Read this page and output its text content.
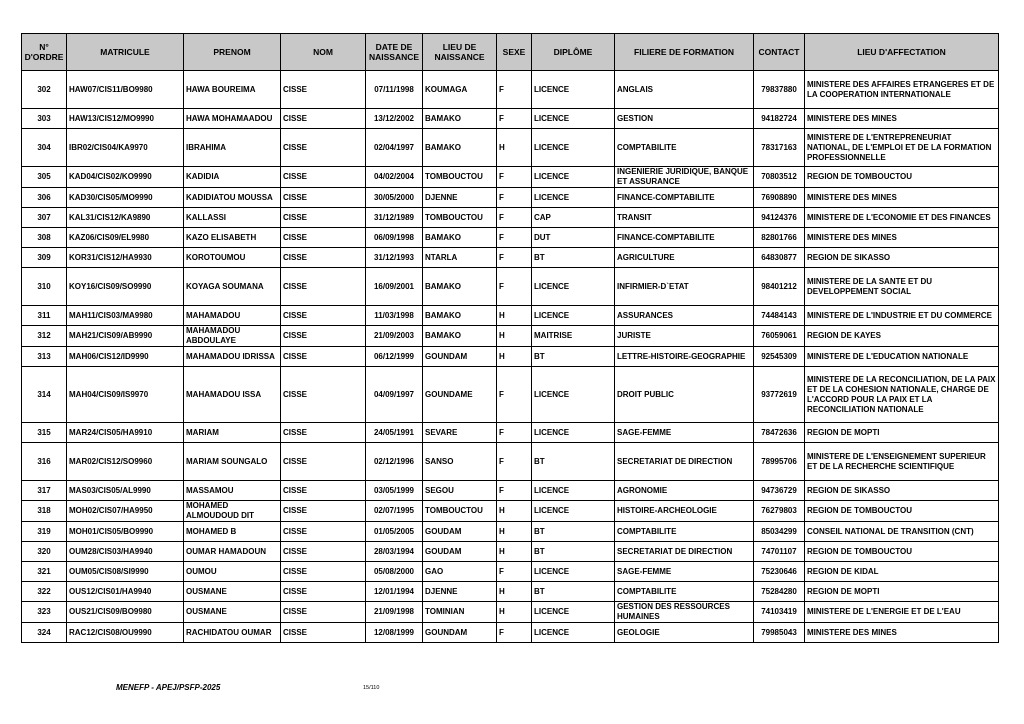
N° D'ORDRE	MATRICULE	PRENOM	NOM	DATE DE NAISSANCE	LIEU DE NAISSANCE	SEXE	DIPLÔME	FILIERE DE FORMATION	CONTACT	LIEU D'AFFECTATION
302	HAW07/CIS11/BO9980	HAWA BOUREIMA	CISSE	07/11/1998	KOUMAGA	F	LICENCE	ANGLAIS	79837880	MINISTERE DES AFFAIRES ETRANGERES ET DE LA COOPERATION INTERNATIONALE
303	HAW13/CIS12/MO9990	HAWA MOHAMAADOU	CISSE	13/12/2002	BAMAKO	F	LICENCE	GESTION	94182724	MINISTERE DES MINES
304	IBR02/CIS04/KA9970	IBRAHIMA	CISSE	02/04/1997	BAMAKO	H	LICENCE	COMPTABILITE	78317163	MINISTERE DE L'ENTREPRENEURIAT NATIONAL, DE L'EMPLOI ET DE LA FORMATION PROFESSIONNELLE
305	KAD04/CIS02/KO9990	KADIDIA	CISSE	04/02/2004	TOMBOUCTOU	F	LICENCE	INGENIERIE JURIDIQUE, BANQUE ET ASSURANCE	70803512	REGION DE TOMBOUCTOU
306	KAD30/CIS05/MO9990	KADIDIATOU MOUSSA	CISSE	30/05/2000	DJENNE	F	LICENCE	FINANCE-COMPTABILITE	76908890	MINISTERE DES MINES
307	KAL31/CIS12/KA9890	KALLASSI	CISSE	31/12/1989	TOMBOUCTOU	F	CAP	TRANSIT	94124376	MINISTERE DE L'ECONOMIE ET DES FINANCES
308	KAZ06/CIS09/EL9980	KAZO ELISABETH	CISSE	06/09/1998	BAMAKO	F	DUT	FINANCE-COMPTABILITE	82801766	MINISTERE DES MINES
309	KOR31/CIS12/HA9930	KOROTOUMOU	CISSE	31/12/1993	NTARLA	F	BT	AGRICULTURE	64830877	REGION DE SIKASSO
310	KOY16/CIS09/SO9990	KOYAGA SOUMANA	CISSE	16/09/2001	BAMAKO	F	LICENCE	INFIRMIER-D`ETAT	98401212	MINISTERE DE LA SANTE ET DU DEVELOPPEMENT SOCIAL
311	MAH11/CIS03/MA9980	MAHAMADOU	CISSE	11/03/1998	BAMAKO	H	LICENCE	ASSURANCES	74484143	MINISTERE DE L'INDUSTRIE ET DU COMMERCE
312	MAH21/CIS09/AB9990	MAHAMADOU ABDOULAYE	CISSE	21/09/2003	BAMAKO	H	MAITRISE	JURISTE	76059061	REGION DE KAYES
313	MAH06/CIS12/ID9990	MAHAMADOU IDRISSA	CISSE	06/12/1999	GOUNDAM	H	BT	LETTRE-HISTOIRE-GEOGRAPHIE	92545309	MINISTERE DE L'EDUCATION NATIONALE
314	MAH04/CIS09/IS9970	MAHAMADOU ISSA	CISSE	04/09/1997	GOUNDAME	F	LICENCE	DROIT PUBLIC	93772619	MINISTERE DE LA RECONCILIATION, DE LA PAIX ET DE LA COHESION NATIONALE, CHARGE DE L'ACCORD POUR LA PAIX ET LA RECONCILIATION NATIONALE
315	MAR24/CIS05/HA9910	MARIAM	CISSE	24/05/1991	SEVARE	F	LICENCE	SAGE-FEMME	78472636	REGION DE MOPTI
316	MAR02/CIS12/SO9960	MARIAM SOUNGALO	CISSE	02/12/1996	SANSO	F	BT	SECRETARIAT DE DIRECTION	78995706	MINISTERE DE L'ENSEIGNEMENT SUPERIEUR ET DE LA RECHERCHE SCIENTIFIQUE
317	MAS03/CIS05/AL9990	MASSAMOU	CISSE	03/05/1999	SEGOU	F	LICENCE	AGRONOMIE	94736729	REGION DE SIKASSO
318	MOH02/CIS07/HA9950	MOHAMED ALMOUDOUD DIT	CISSE	02/07/1995	TOMBOUCTOU	H	LICENCE	HISTOIRE-ARCHEOLOGIE	76279803	REGION DE TOMBOUCTOU
319	MOH01/CIS05/BO9990	MOHAMED B	CISSE	01/05/2005	GOUDAM	H	BT	COMPTABILITE	85034299	CONSEIL NATIONAL DE TRANSITION (CNT)
320	OUM28/CIS03/HA9940	OUMAR HAMADOUN	CISSE	28/03/1994	GOUDAM	H	BT	SECRETARIAT DE DIRECTION	74701107	REGION DE TOMBOUCTOU
321	OUM05/CIS08/SI9990	OUMOU	CISSE	05/08/2000	GAO	F	LICENCE	SAGE-FEMME	75230646	REGION DE KIDAL
322	OUS12/CIS01/HA9940	OUSMANE	CISSE	12/01/1994	DJENNE	H	BT	COMPTABILITE	75284280	REGION DE MOPTI
323	OUS21/CIS09/BO9980	OUSMANE	CISSE	21/09/1998	TOMINIAN	H	LICENCE	GESTION DES RESSOURCES HUMAINES	74103419	MINISTERE DE L'ENERGIE ET DE L'EAU
324	RAC12/CIS08/OU9990	RACHIDATOU OUMAR	CISSE	12/08/1999	GOUNDAM	F	LICENCE	GEOLOGIE	79985043	MINISTERE DES MINES
MENEFP - APEJ/PSFP-2025	15/110
